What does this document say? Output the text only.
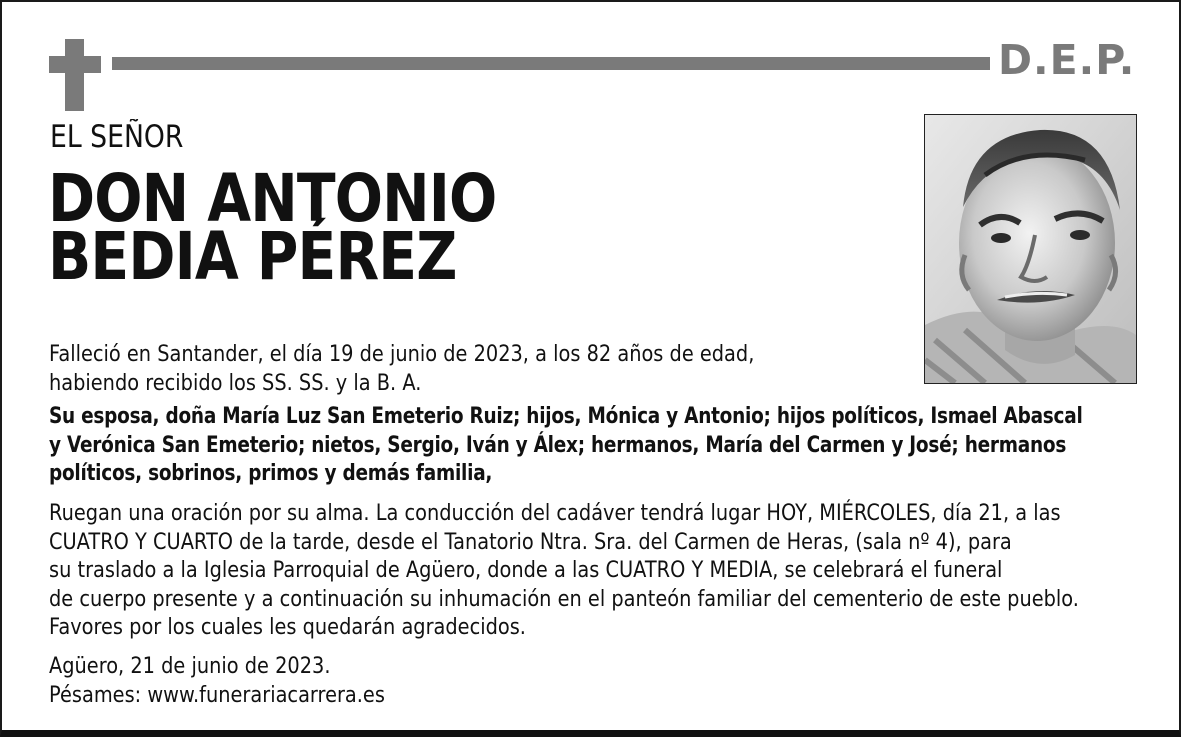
D.E.P.
EL SEÑOR
DON ANTONIO
BEDIA PÉREZ
Falleció en Santander, el día 19 de junio de 2023, a los 82 años de edad,
habiendo recibido los SS. SS. y la B. A.
Su esposa, doña María Luz San Emeterio Ruiz; hijos, Mónica y Antonio; hijos políticos, Ismael Abascal
y Verónica San Emeterio; nietos, Sergio, Iván y Álex; hermanos, María del Carmen y José; hermanos
políticos, sobrinos, primos y demás familia,
Ruegan una oración por su alma. La conducción del cadáver tendrá lugar HOY, MIÉRCOLES, día 21, a las
CUATRO Y CUARTO de la tarde, desde el Tanatorio Ntra. Sra. del Carmen de Heras, (sala nº 4), para
su traslado a la Iglesia Parroquial de Agüero, donde a las CUATRO Y MEDIA, se celebrará el funeral
de cuerpo presente y a continuación su inhumación en el panteón familiar del cementerio de este pueblo.
Favores por los cuales les quedarán agradecidos.
Agüero, 21 de junio de 2023.
Pésames: www.funerariacarrera.es
